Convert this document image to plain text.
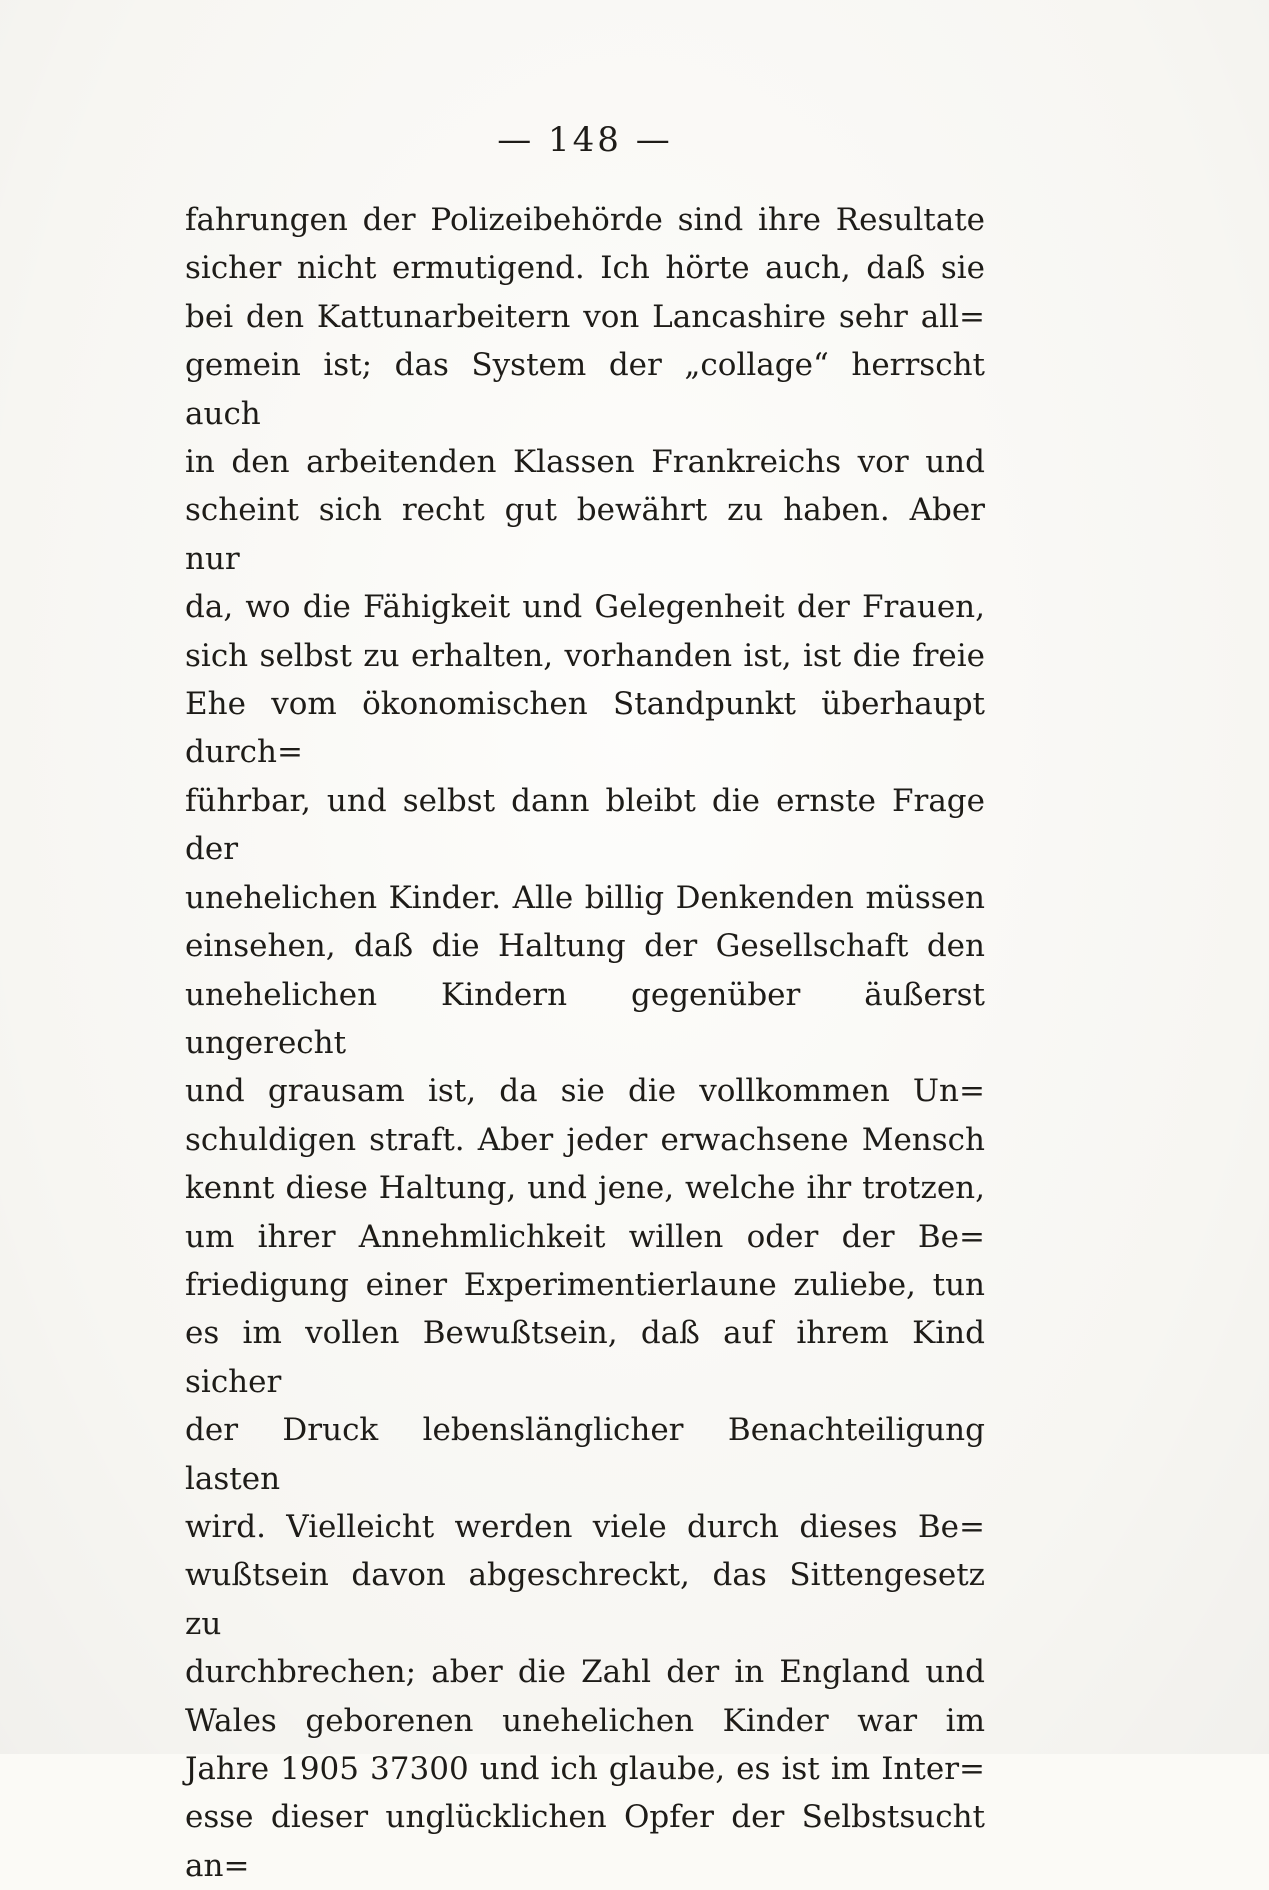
— 148 —
fahrungen der Polizeibehörde sind ihre Resultate
sicher nicht ermutigend. Ich hörte auch, daß sie
bei den Kattunarbeitern von Lancashire sehr all=
gemein ist; das System der „collage“ herrscht auch
in den arbeitenden Klassen Frankreichs vor und
scheint sich recht gut bewährt zu haben. Aber nur
da, wo die Fähigkeit und Gelegenheit der Frauen,
sich selbst zu erhalten, vorhanden ist, ist die freie
Ehe vom ökonomischen Standpunkt überhaupt durch=
führbar, und selbst dann bleibt die ernste Frage der
unehelichen Kinder. Alle billig Denkenden müssen
einsehen, daß die Haltung der Gesellschaft den
unehelichen Kindern gegenüber äußerst ungerecht
und grausam ist, da sie die vollkommen Un=
schuldigen straft. Aber jeder erwachsene Mensch
kennt diese Haltung, und jene, welche ihr trotzen,
um ihrer Annehmlichkeit willen oder der Be=
friedigung einer Experimentierlaune zuliebe, tun
es im vollen Bewußtsein, daß auf ihrem Kind sicher
der Druck lebenslänglicher Benachteiligung lasten
wird. Vielleicht werden viele durch dieses Be=
wußtsein davon abgeschreckt, das Sittengesetz zu
durchbrechen; aber die Zahl der in England und
Wales geborenen unehelichen Kinder war im
Jahre 1905 37300 und ich glaube, es ist im Inter=
esse dieser unglücklichen Opfer der Selbstsucht an=
